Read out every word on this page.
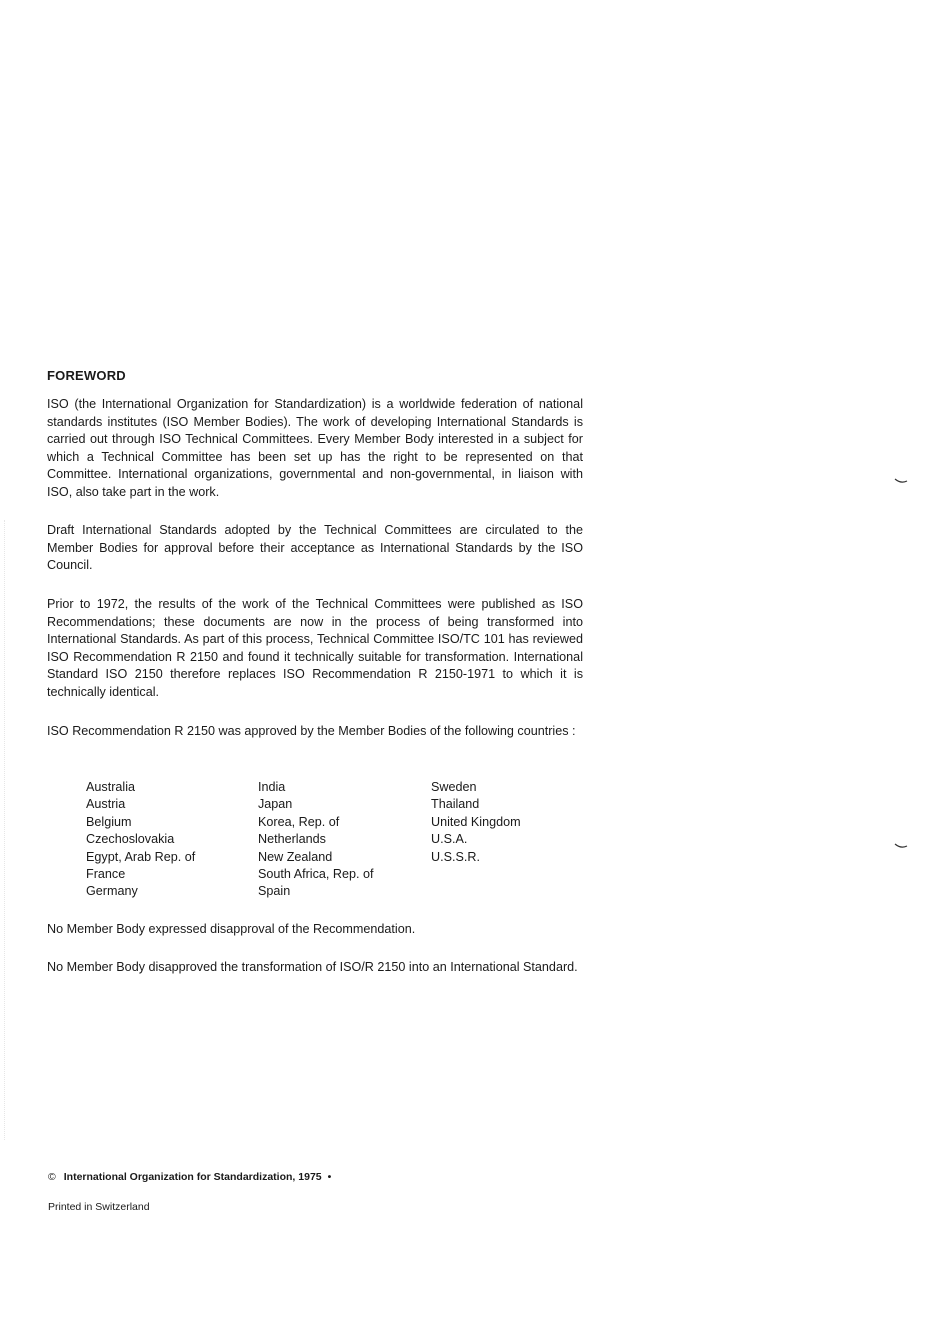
FOREWORD

ISO (the International Organization for Standardization) is a worldwide federation of national standards institutes (ISO Member Bodies). The work of developing International Standards is carried out through ISO Technical Committees. Every Member Body interested in a subject for which a Technical Committee has been set up has the right to be represented on that Committee. International organizations, governmental and non-governmental, in liaison with ISO, also take part in the work.

Draft International Standards adopted by the Technical Committees are circulated to the Member Bodies for approval before their acceptance as International Standards by the ISO Council.

Prior to 1972, the results of the work of the Technical Committees were published as ISO Recommendations; these documents are now in the process of being transformed into International Standards. As part of this process, Technical Committee ISO/TC 101 has reviewed ISO Recommendation R 2150 and found it technically suitable for transformation. International Standard ISO 2150 therefore replaces ISO Recommendation R 2150-1971 to which it is technically identical.

ISO Recommendation R 2150 was approved by the Member Bodies of the following countries :

Australia
Austria
Belgium
Czechoslovakia
Egypt, Arab Rep. of
France
Germany
India
Japan
Korea, Rep. of
Netherlands
New Zealand
South Africa, Rep. of
Spain
Sweden
Thailand
United Kingdom
U.S.A.
U.S.S.R.

No Member Body expressed disapproval of the Recommendation.

No Member Body disapproved the transformation of ISO/R 2150 into an International Standard.

© International Organization for Standardization, 1975 •
Printed in Switzerland
